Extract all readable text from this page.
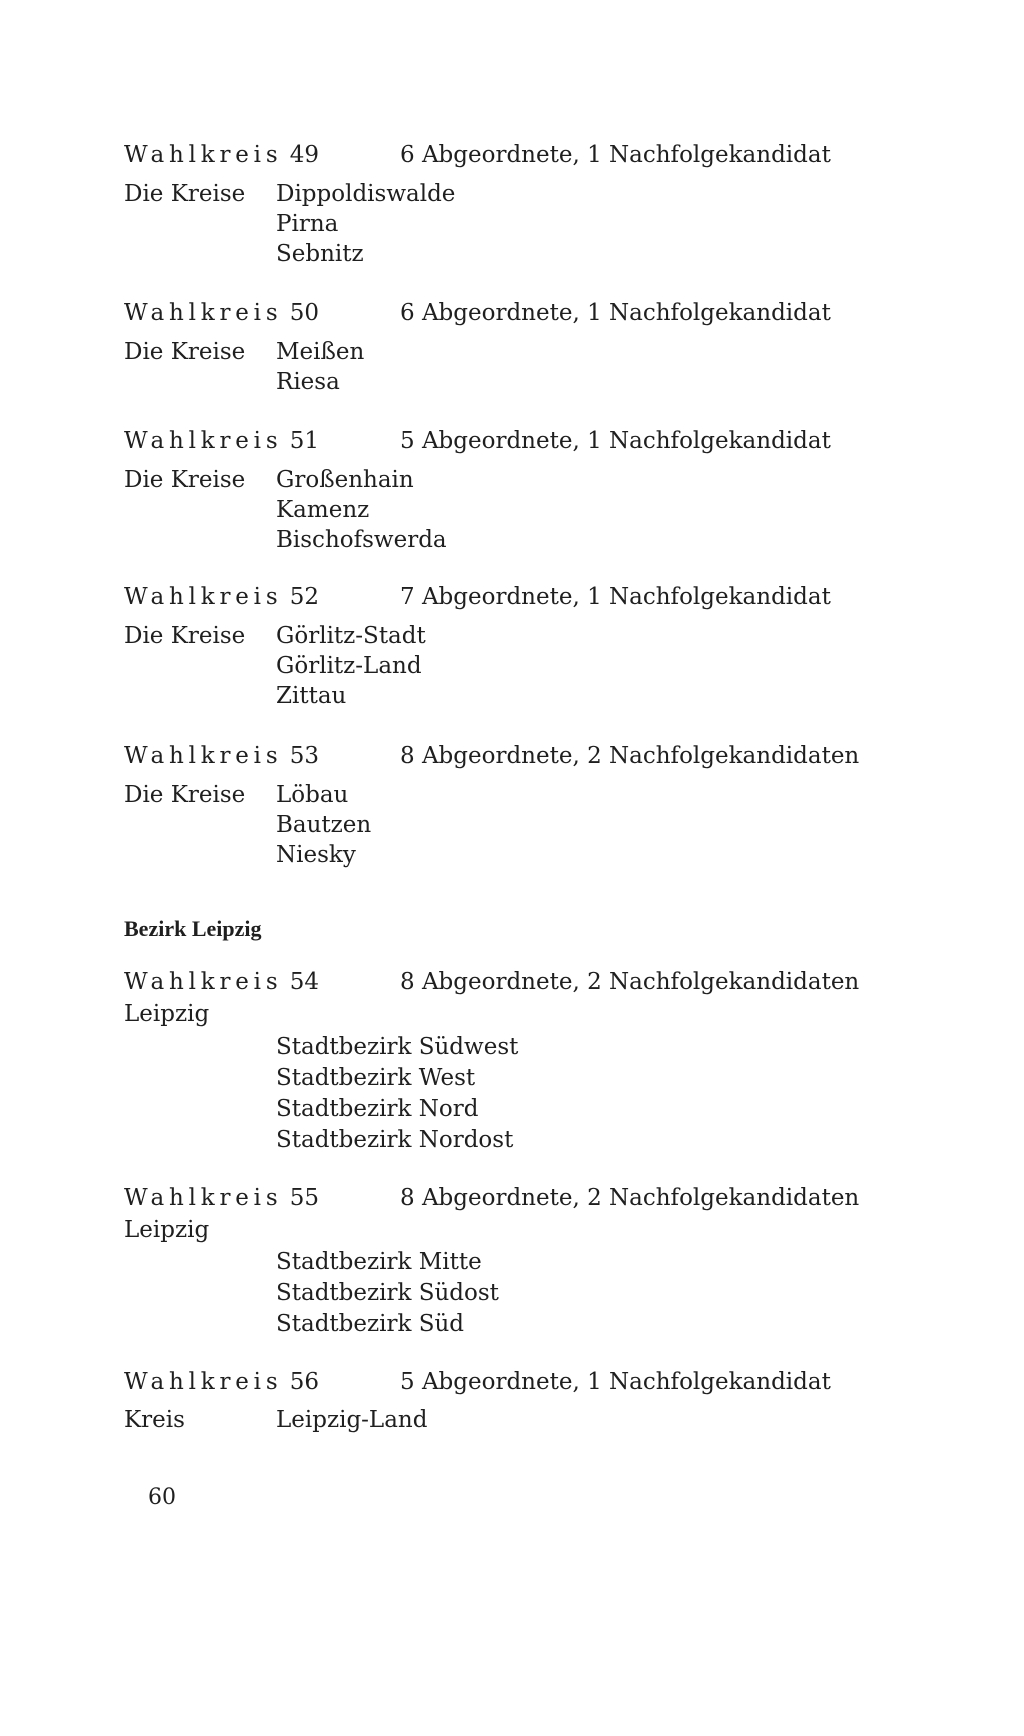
Wahlkreis 49	6 Abgeordnete, 1 Nachfolgekandidat
Die Kreise Dippoldiswalde
Pirna
Sebnitz
Wahlkreis 50	6 Abgeordnete, 1 Nachfolgekandidat
Die Kreise Meißen
Riesa
Wahlkreis 51	5 Abgeordnete, 1 Nachfolgekandidat
Die Kreise Großenhain
Kamenz
Bischofswerda
Wahlkreis 52	7 Abgeordnete, 1 Nachfolgekandidat
Die Kreise Görlitz-Stadt
Görlitz-Land
Zittau
Wahlkreis 53	8 Abgeordnete, 2 Nachfolgekandidaten
Die Kreise Löbau
Bautzen
Niesky
Bezirk Leipzig
Wahlkreis 54	8 Abgeordnete, 2 Nachfolgekandidaten
Leipzig
Stadtbezirk Südwest
Stadtbezirk West
Stadtbezirk Nord
Stadtbezirk Nordost
Wahlkreis 55	8 Abgeordnete, 2 Nachfolgekandidaten
Leipzig
Stadtbezirk Mitte
Stadtbezirk Südost
Stadtbezirk Süd
Wahlkreis 56	5 Abgeordnete, 1 Nachfolgekandidat
Kreis	Leipzig-Land
60
